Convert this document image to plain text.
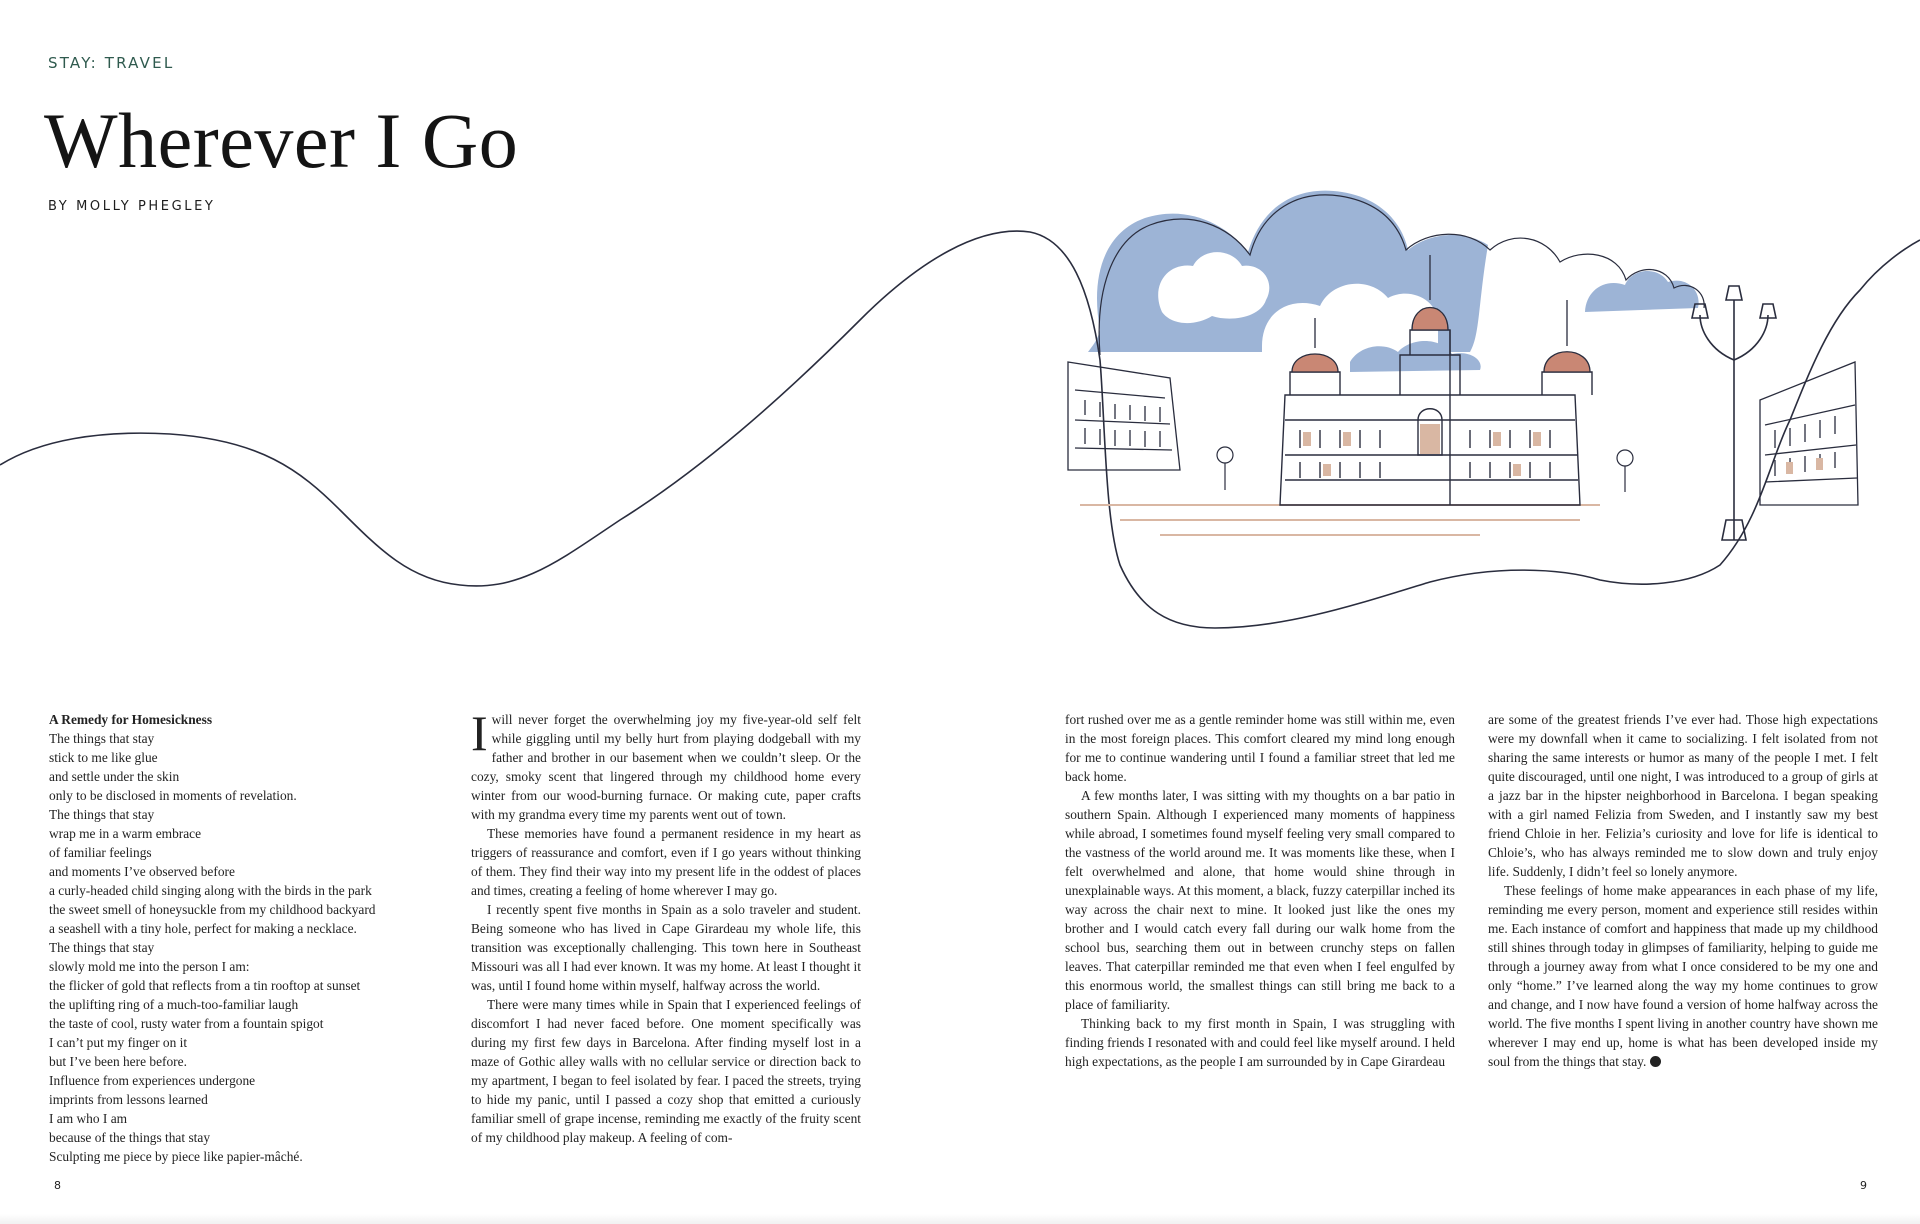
STAY: TRAVEL

Wherever I Go

BY MOLLY PHEGLEY

A Remedy for Homesickness
The things that stay
stick to me like glue
and settle under the skin
only to be disclosed in moments of revelation.
The things that stay
wrap me in a warm embrace
of familiar feelings
and moments I’ve observed before
a curly-headed child singing along with the birds in the park
the sweet smell of honeysuckle from my childhood backyard
a seashell with a tiny hole, perfect for making a necklace.
The things that stay
slowly mold me into the person I am:
the flicker of gold that reflects from a tin rooftop at sunset
the uplifting ring of a much-too-familiar laugh
the taste of cool, rusty water from a fountain spigot
I can’t put my finger on it
but I’ve been here before.
Influence from experiences undergone
imprints from lessons learned
I am who I am
because of the things that stay
Sculpting me piece by piece like papier-mâché.

I will never forget the overwhelming joy my five-year-old self felt while giggling until my belly hurt from playing dodgeball with my father and brother in our basement when we couldn’t sleep. Or the cozy, smoky scent that lingered through my childhood home every winter from our wood-burning furnace. Or making cute, paper crafts with my grandma every time my parents went out of town.

These memories have found a permanent residence in my heart as triggers of reassurance and comfort, even if I go years without thinking of them. They find their way into my present life in the oddest of places and times, creating a feeling of home wherever I may go.

I recently spent five months in Spain as a solo traveler and student. Being someone who has lived in Cape Girardeau my whole life, this transition was exceptionally challenging. This town here in Southeast Missouri was all I had ever known. It was my home. At least I thought it was, until I found home within myself, halfway across the world.

There were many times while in Spain that I experienced feelings of discomfort I had never faced before. One moment specifically was during my first few days in Barcelona. After finding myself lost in a maze of Gothic alley walls with no cellular service or direction back to my apartment, I began to feel isolated by fear. I paced the streets, trying to hide my panic, until I passed a cozy shop that emitted a curiously familiar smell of grape incense, reminding me exactly of the fruity scent of my childhood play makeup. A feeling of com-

fort rushed over me as a gentle reminder home was still within me, even in the most foreign places. This comfort cleared my mind long enough for me to continue wandering until I found a familiar street that led me back home.

A few months later, I was sitting with my thoughts on a bar patio in southern Spain. Although I experienced many moments of happiness while abroad, I sometimes found myself feeling very small compared to the vastness of the world around me. It was moments like these, when I felt overwhelmed and alone, that home would shine through in unexplainable ways. At this moment, a black, fuzzy caterpillar inched its way across the chair next to mine. It looked just like the ones my brother and I would catch every fall during our walk home from the school bus, searching them out in between crunchy steps on fallen leaves. That caterpillar reminded me that even when I feel engulfed by this enormous world, the smallest things can still bring me back to a place of familiarity.

Thinking back to my first month in Spain, I was struggling with finding friends I resonated with and could feel like myself around. I held high expectations, as the people I am surrounded by in Cape Girardeau

are some of the greatest friends I’ve ever had. Those high expectations were my downfall when it came to socializing. I felt isolated from not sharing the same interests or humor as many of the people I met. I felt quite discouraged, until one night, I was introduced to a group of girls at a jazz bar in the hipster neighborhood in Barcelona. I began speaking with a girl named Felizia from Sweden, and I instantly saw my best friend Chloie in her. Felizia’s curiosity and love for life is identical to Chloie’s, who has always reminded me to slow down and truly enjoy life. Suddenly, I didn’t feel so lonely anymore.

These feelings of home make appearances in each phase of my life, reminding me every person, moment and experience still resides within me. Each instance of comfort and happiness that made up my childhood still shines through today in glimpses of familiarity, helping to guide me through a journey away from what I once considered to be my one and only “home.” I’ve learned along the way my home continues to grow and change, and I now have found a version of home halfway across the world. The five months I spent living in another country have shown me wherever I may end up, home is what has been developed inside my soul from the things that stay.

8	9
